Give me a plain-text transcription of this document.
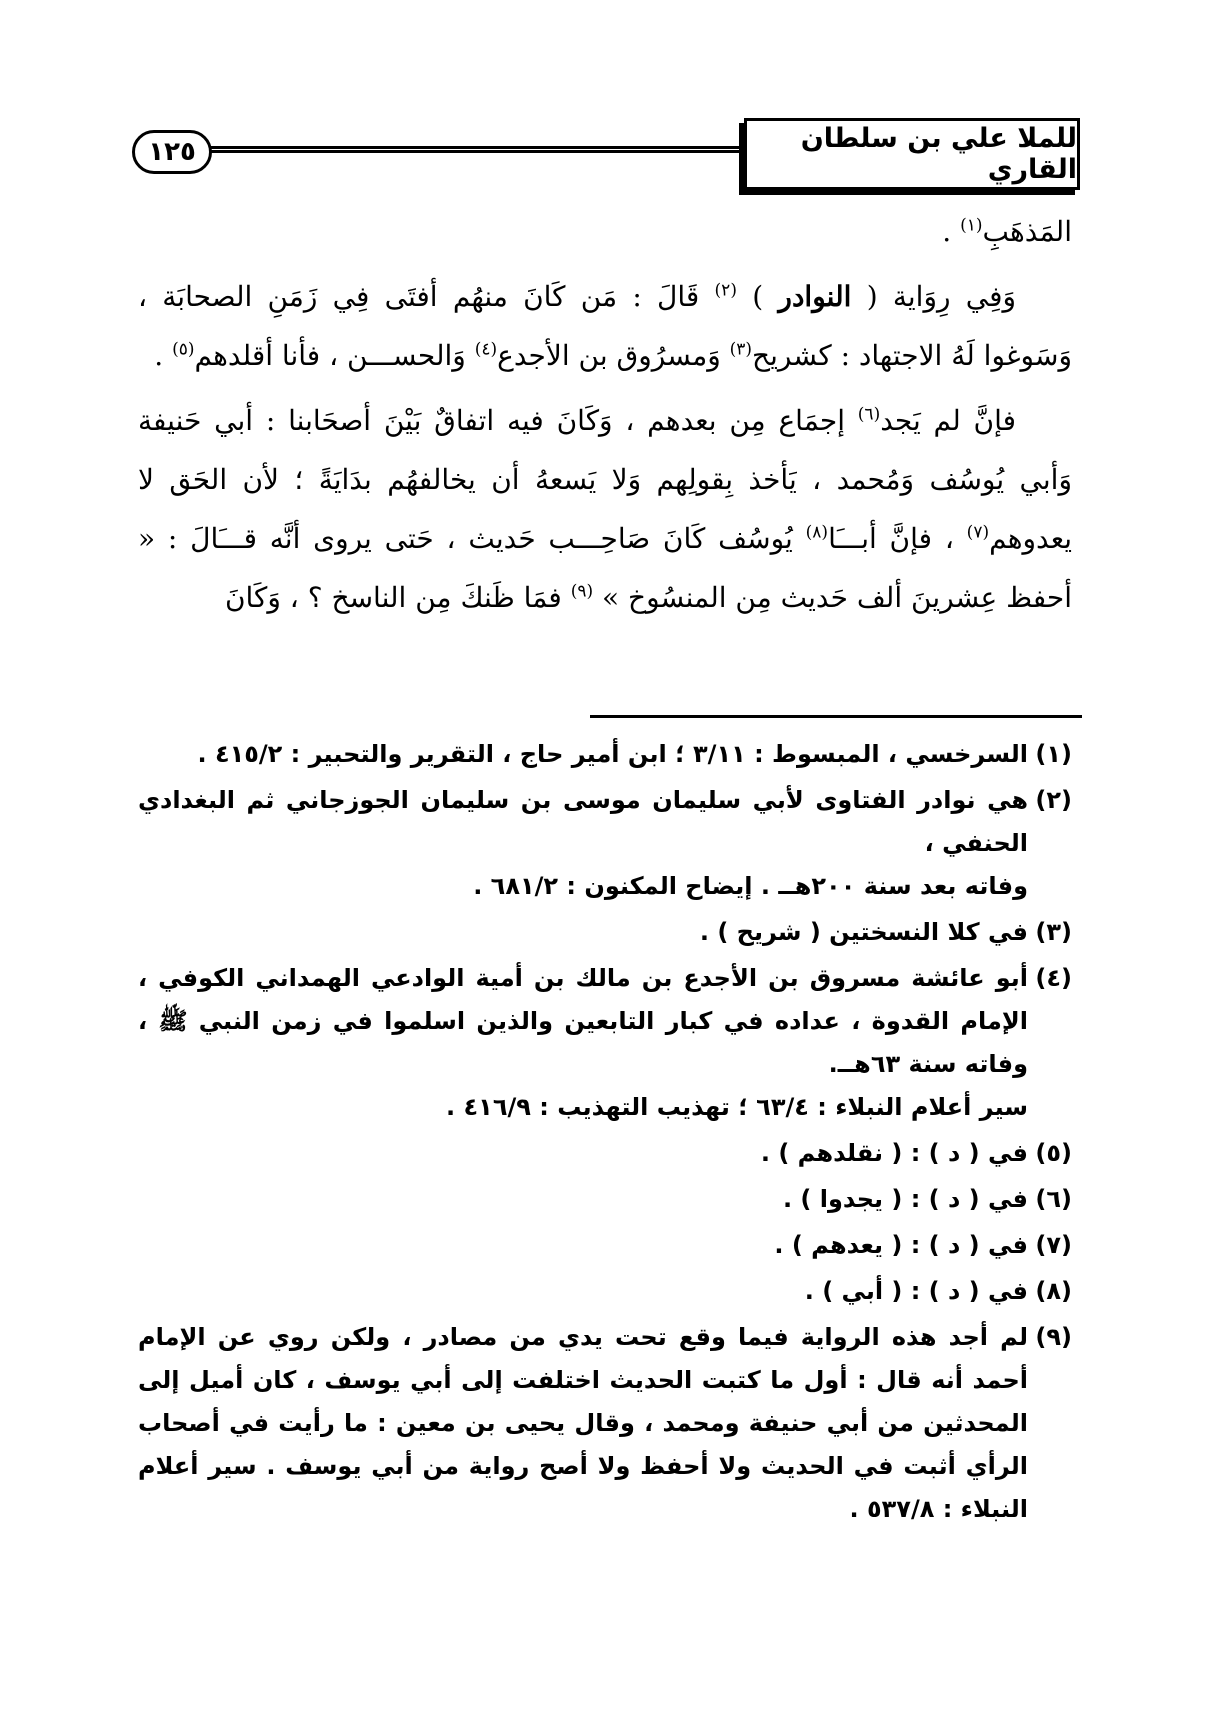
للملا علي بن سلطان القاري
١٢٥

المَذهَبِ$^{(١)}$ .

وَفِي رِوَاية ( النوادر ) $^{(٢)}$ قَالَ : مَن كَانَ منهُم أفتَى فِي زَمَنِ الصحابَة ، وَسَوغوا لَهُ الاجتهاد : كشريح$^{(٣)}$ وَمسرُوق بن الأجدع$^{(٤)}$ وَالحســـن ، فأنا أقلدهم$^{(٥)}$ .

فإنَّ لم يَجد$^{(٦)}$ إجمَاع مِن بعدهم ، وَكَانَ فيه اتفاقٌ بَيْنَ أصحَابنا : أبي حَنيفة وَأبي يُوسُف وَمُحمد ، يَأخذ بِقولِهم وَلا يَسعهُ أن يخالفهُم بدَايَةً ؛ لأن الحَق لا يعدوهم$^{(٧)}$ ، فإنَّ أبـــَا$^{(٨)}$ يُوسُف كَانَ صَاحِـــب حَديث ، حَتى يروى أنَّه قـــَالَ : « أحفظ عِشرينَ ألف حَديث مِن المنسُوخ » $^{(٩)}$ فمَا ظَنكَ مِن الناسخ ؟ ، وَكَانَ

(١)السرخسي ، المبسوط : ٣/١١ ؛ ابن أمير حاج ، التقرير والتحبير : ٤١٥/٢ .

(٢)هي نوادر الفتاوى لأبي سليمان موسى بن سليمان الجوزجاني ثم البغدادي الحنفي ،
وفاته بعد سنة ٢٠٠هــ . إيضاح المكنون : ٦٨١/٢ .

(٣)في كلا النسختين ( شريح ) .

(٤)أبو عائشة مسروق بن الأجدع بن مالك بن أمية الوادعي الهمداني الكوفي ، الإمام القدوة ، عداده في كبار التابعين والذين اسلموا في زمن النبي ﷺ ، وفاته سنة ٦٣هــ.
سير أعلام النبلاء : ٦٣/٤ ؛ تهذيب التهذيب : ٤١٦/٩ .

(٥)في ( د ) : ( نقلدهم ) .

(٦)في ( د ) : ( يجدوا ) .

(٧)في ( د ) : ( يعدهم ) .

(٨)في ( د ) : ( أبي ) .

(٩)لم أجد هذه الرواية فيما وقع تحت يدي من مصادر ، ولكن روي عن الإمام أحمد أنه قال : أول ما كتبت الحديث اختلفت إلى أبي يوسف ، كان أميل إلى المحدثين من أبي حنيفة ومحمد ، وقال يحيى بن معين : ما رأيت في أصحاب الرأي أثبت في الحديث ولا أحفظ ولا أصح رواية من أبي يوسف . سير أعلام النبلاء : ٥٣٧/٨ .
